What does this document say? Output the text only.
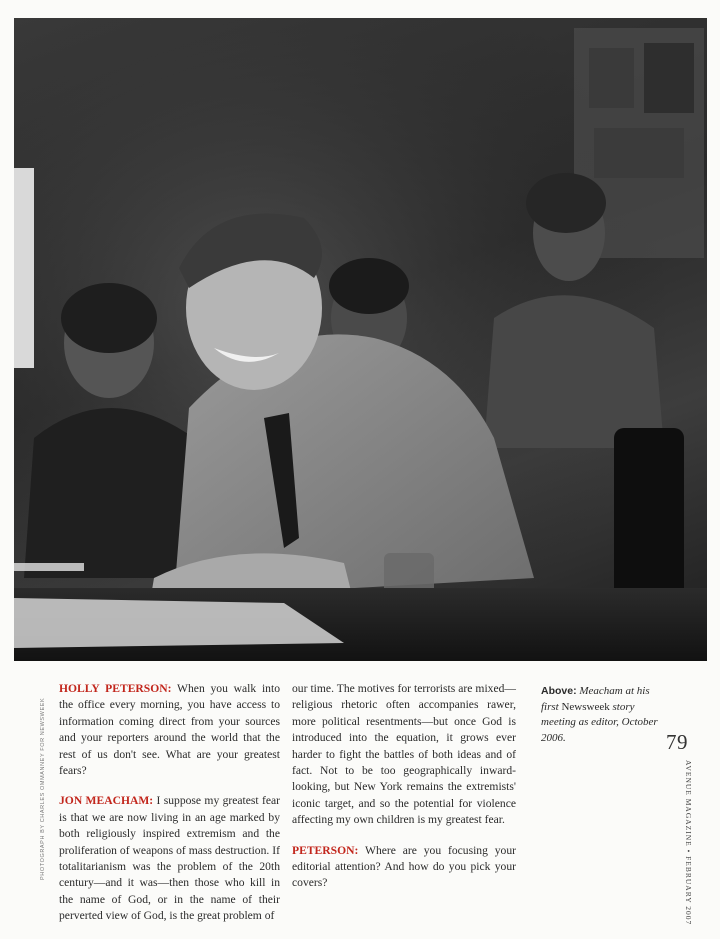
PHOTOGRAPH BY CHARLES OMMANNEY FOR NEWSWEEK

HOLLY PETERSON: When you walk into the office every morning, you have access to information coming direct from your sources and your reporters around the world that the rest of us don't see. What are your greatest fears?

JON MEACHAM: I suppose my greatest fear is that we are now living in an age marked by both religiously inspired extremism and the proliferation of weapons of mass destruction. If totalitarianism was the problem of the 20th century—and it was—then those who kill in the name of God, or in the name of their perverted view of God, is the great problem of

our time. The motives for terrorists are mixed—religious rhetoric often accompanies rawer, more political resentments—but once God is introduced into the equation, it grows ever harder to fight the battles of both ideas and of fact. Not to be too geographically inward-looking, but New York remains the extremists' iconic target, and so the potential for violence affecting my own children is my greatest fear.

PETERSON: Where are you focusing your editorial attention? And how do you pick your covers?

Above: Meacham at his first Newsweek story meeting as editor, October 2006.	79
AVENUE MAGAZINE • FEBRUARY 2007
